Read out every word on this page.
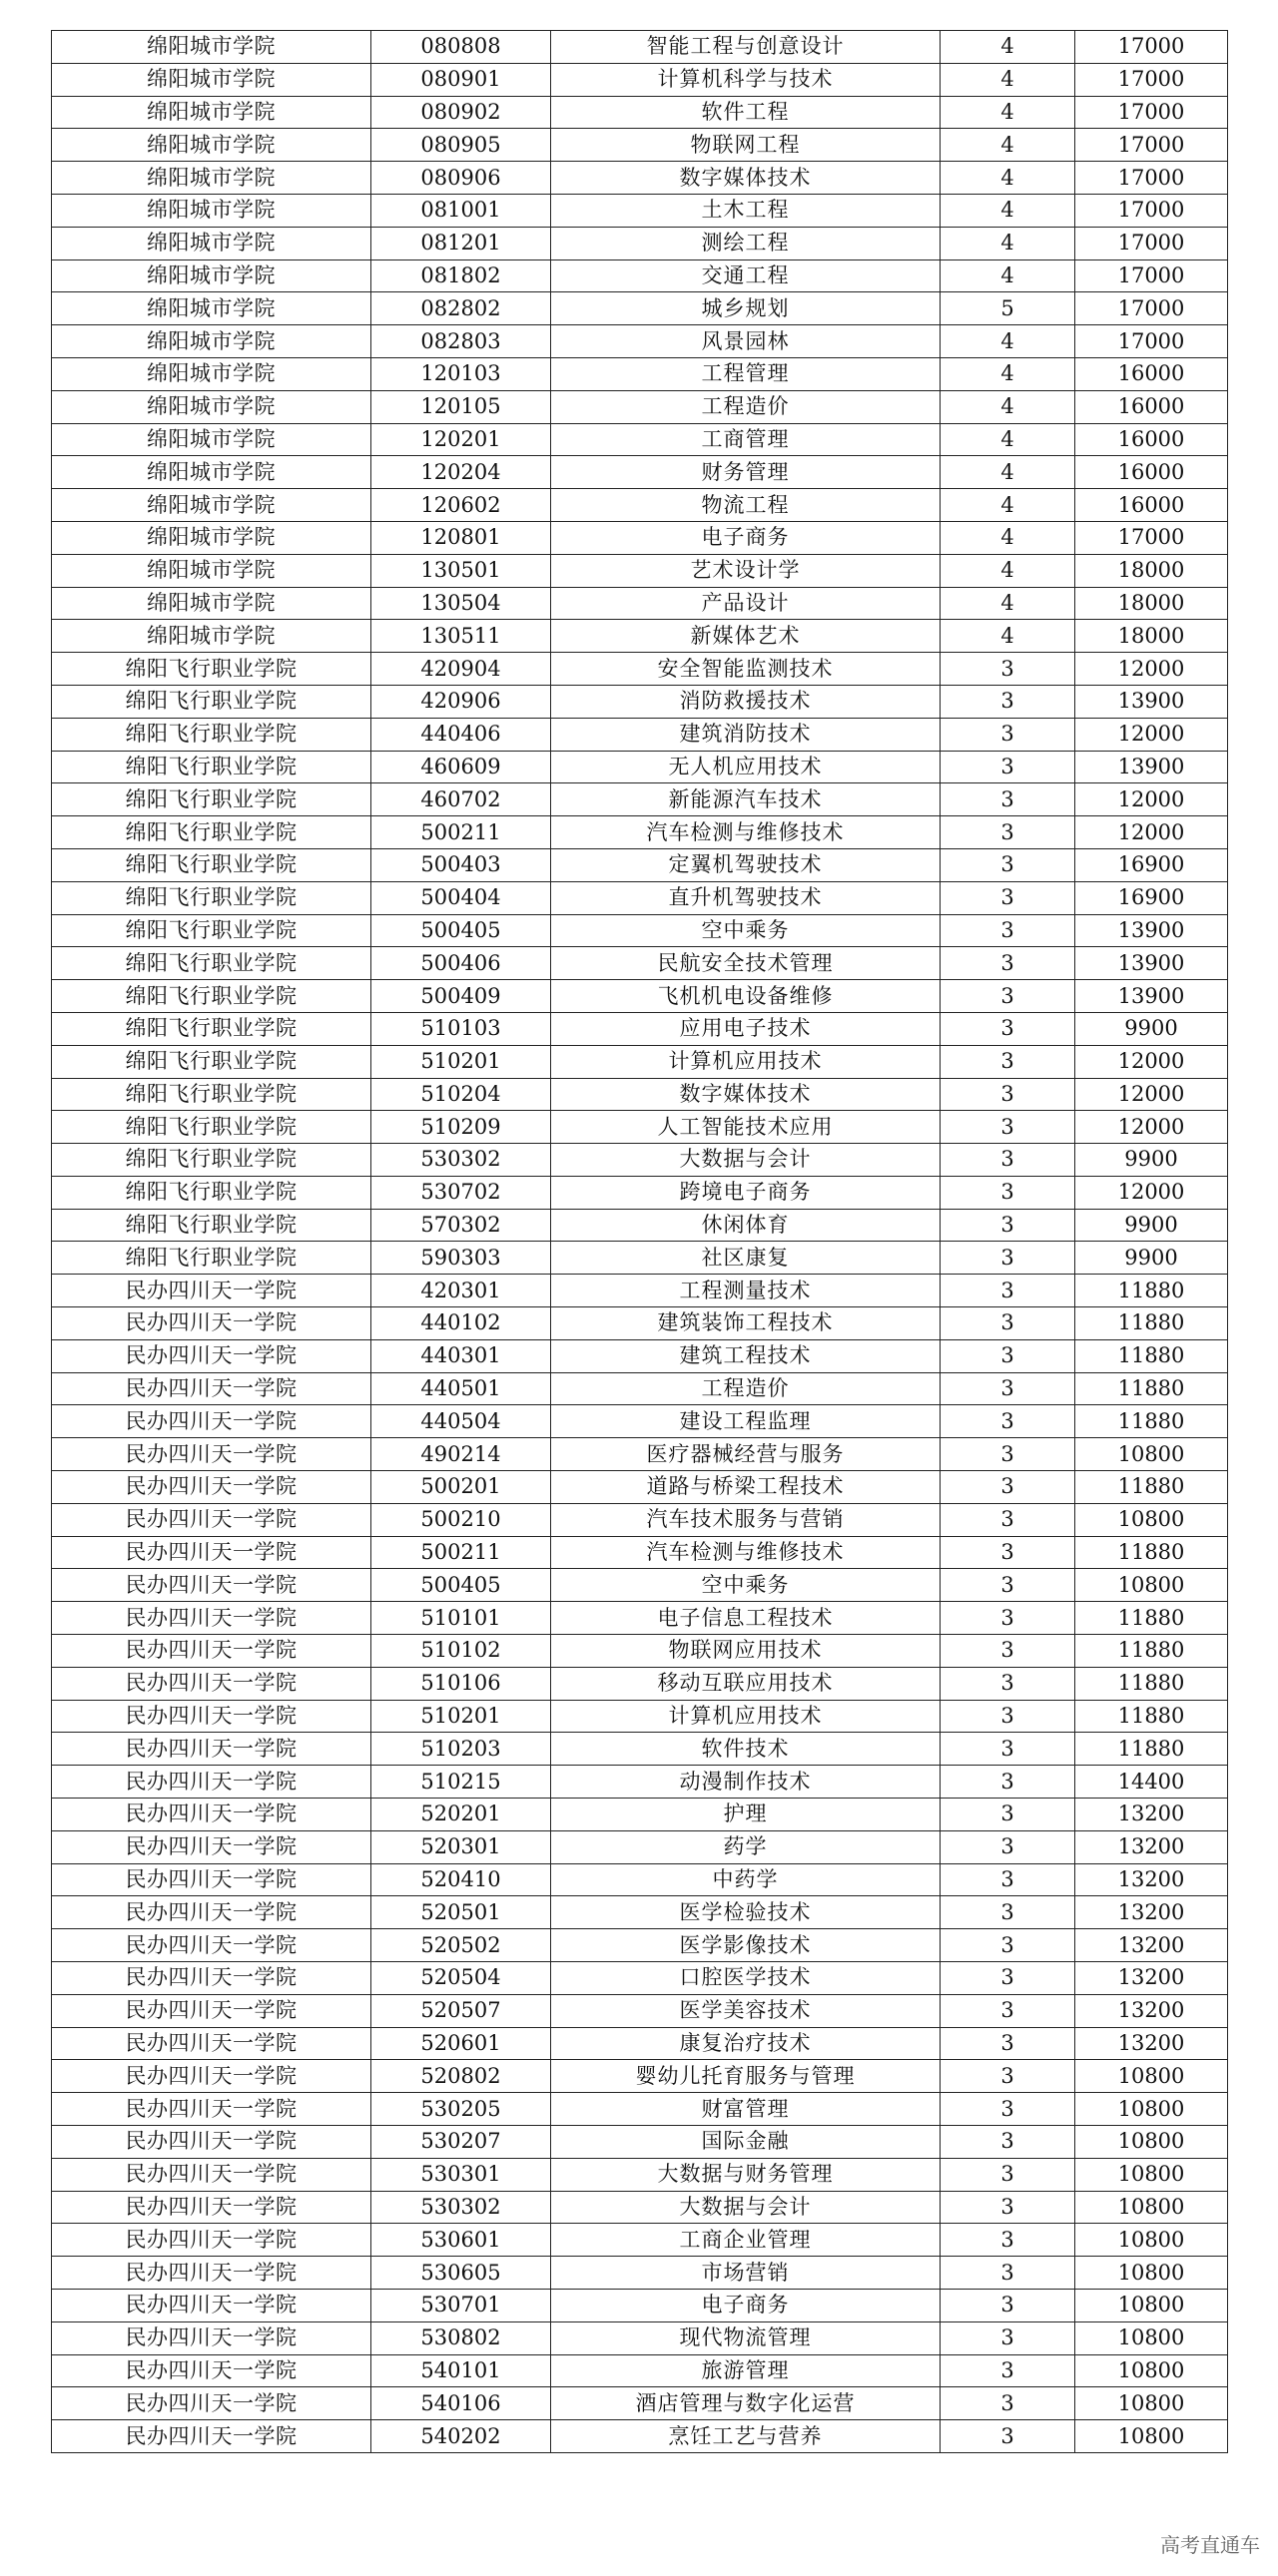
绵阳城市学院	080808	智能工程与创意设计	4	17000
绵阳城市学院	080901	计算机科学与技术	4	17000
绵阳城市学院	080902	软件工程	4	17000
绵阳城市学院	080905	物联网工程	4	17000
绵阳城市学院	080906	数字媒体技术	4	17000
绵阳城市学院	081001	土木工程	4	17000
绵阳城市学院	081201	测绘工程	4	17000
绵阳城市学院	081802	交通工程	4	17000
绵阳城市学院	082802	城乡规划	5	17000
绵阳城市学院	082803	风景园林	4	17000
绵阳城市学院	120103	工程管理	4	16000
绵阳城市学院	120105	工程造价	4	16000
绵阳城市学院	120201	工商管理	4	16000
绵阳城市学院	120204	财务管理	4	16000
绵阳城市学院	120602	物流工程	4	16000
绵阳城市学院	120801	电子商务	4	17000
绵阳城市学院	130501	艺术设计学	4	18000
绵阳城市学院	130504	产品设计	4	18000
绵阳城市学院	130511	新媒体艺术	4	18000
绵阳飞行职业学院	420904	安全智能监测技术	3	12000
绵阳飞行职业学院	420906	消防救援技术	3	13900
绵阳飞行职业学院	440406	建筑消防技术	3	12000
绵阳飞行职业学院	460609	无人机应用技术	3	13900
绵阳飞行职业学院	460702	新能源汽车技术	3	12000
绵阳飞行职业学院	500211	汽车检测与维修技术	3	12000
绵阳飞行职业学院	500403	定翼机驾驶技术	3	16900
绵阳飞行职业学院	500404	直升机驾驶技术	3	16900
绵阳飞行职业学院	500405	空中乘务	3	13900
绵阳飞行职业学院	500406	民航安全技术管理	3	13900
绵阳飞行职业学院	500409	飞机机电设备维修	3	13900
绵阳飞行职业学院	510103	应用电子技术	3	9900
绵阳飞行职业学院	510201	计算机应用技术	3	12000
绵阳飞行职业学院	510204	数字媒体技术	3	12000
绵阳飞行职业学院	510209	人工智能技术应用	3	12000
绵阳飞行职业学院	530302	大数据与会计	3	9900
绵阳飞行职业学院	530702	跨境电子商务	3	12000
绵阳飞行职业学院	570302	休闲体育	3	9900
绵阳飞行职业学院	590303	社区康复	3	9900
民办四川天一学院	420301	工程测量技术	3	11880
民办四川天一学院	440102	建筑装饰工程技术	3	11880
民办四川天一学院	440301	建筑工程技术	3	11880
民办四川天一学院	440501	工程造价	3	11880
民办四川天一学院	440504	建设工程监理	3	11880
民办四川天一学院	490214	医疗器械经营与服务	3	10800
民办四川天一学院	500201	道路与桥梁工程技术	3	11880
民办四川天一学院	500210	汽车技术服务与营销	3	10800
民办四川天一学院	500211	汽车检测与维修技术	3	11880
民办四川天一学院	500405	空中乘务	3	10800
民办四川天一学院	510101	电子信息工程技术	3	11880
民办四川天一学院	510102	物联网应用技术	3	11880
民办四川天一学院	510106	移动互联应用技术	3	11880
民办四川天一学院	510201	计算机应用技术	3	11880
民办四川天一学院	510203	软件技术	3	11880
民办四川天一学院	510215	动漫制作技术	3	14400
民办四川天一学院	520201	护理	3	13200
民办四川天一学院	520301	药学	3	13200
民办四川天一学院	520410	中药学	3	13200
民办四川天一学院	520501	医学检验技术	3	13200
民办四川天一学院	520502	医学影像技术	3	13200
民办四川天一学院	520504	口腔医学技术	3	13200
民办四川天一学院	520507	医学美容技术	3	13200
民办四川天一学院	520601	康复治疗技术	3	13200
民办四川天一学院	520802	婴幼儿托育服务与管理	3	10800
民办四川天一学院	530205	财富管理	3	10800
民办四川天一学院	530207	国际金融	3	10800
民办四川天一学院	530301	大数据与财务管理	3	10800
民办四川天一学院	530302	大数据与会计	3	10800
民办四川天一学院	530601	工商企业管理	3	10800
民办四川天一学院	530605	市场营销	3	10800
民办四川天一学院	530701	电子商务	3	10800
民办四川天一学院	530802	现代物流管理	3	10800
民办四川天一学院	540101	旅游管理	3	10800
民办四川天一学院	540106	酒店管理与数字化运营	3	10800
民办四川天一学院	540202	烹饪工艺与营养	3	10800
高考直通车
